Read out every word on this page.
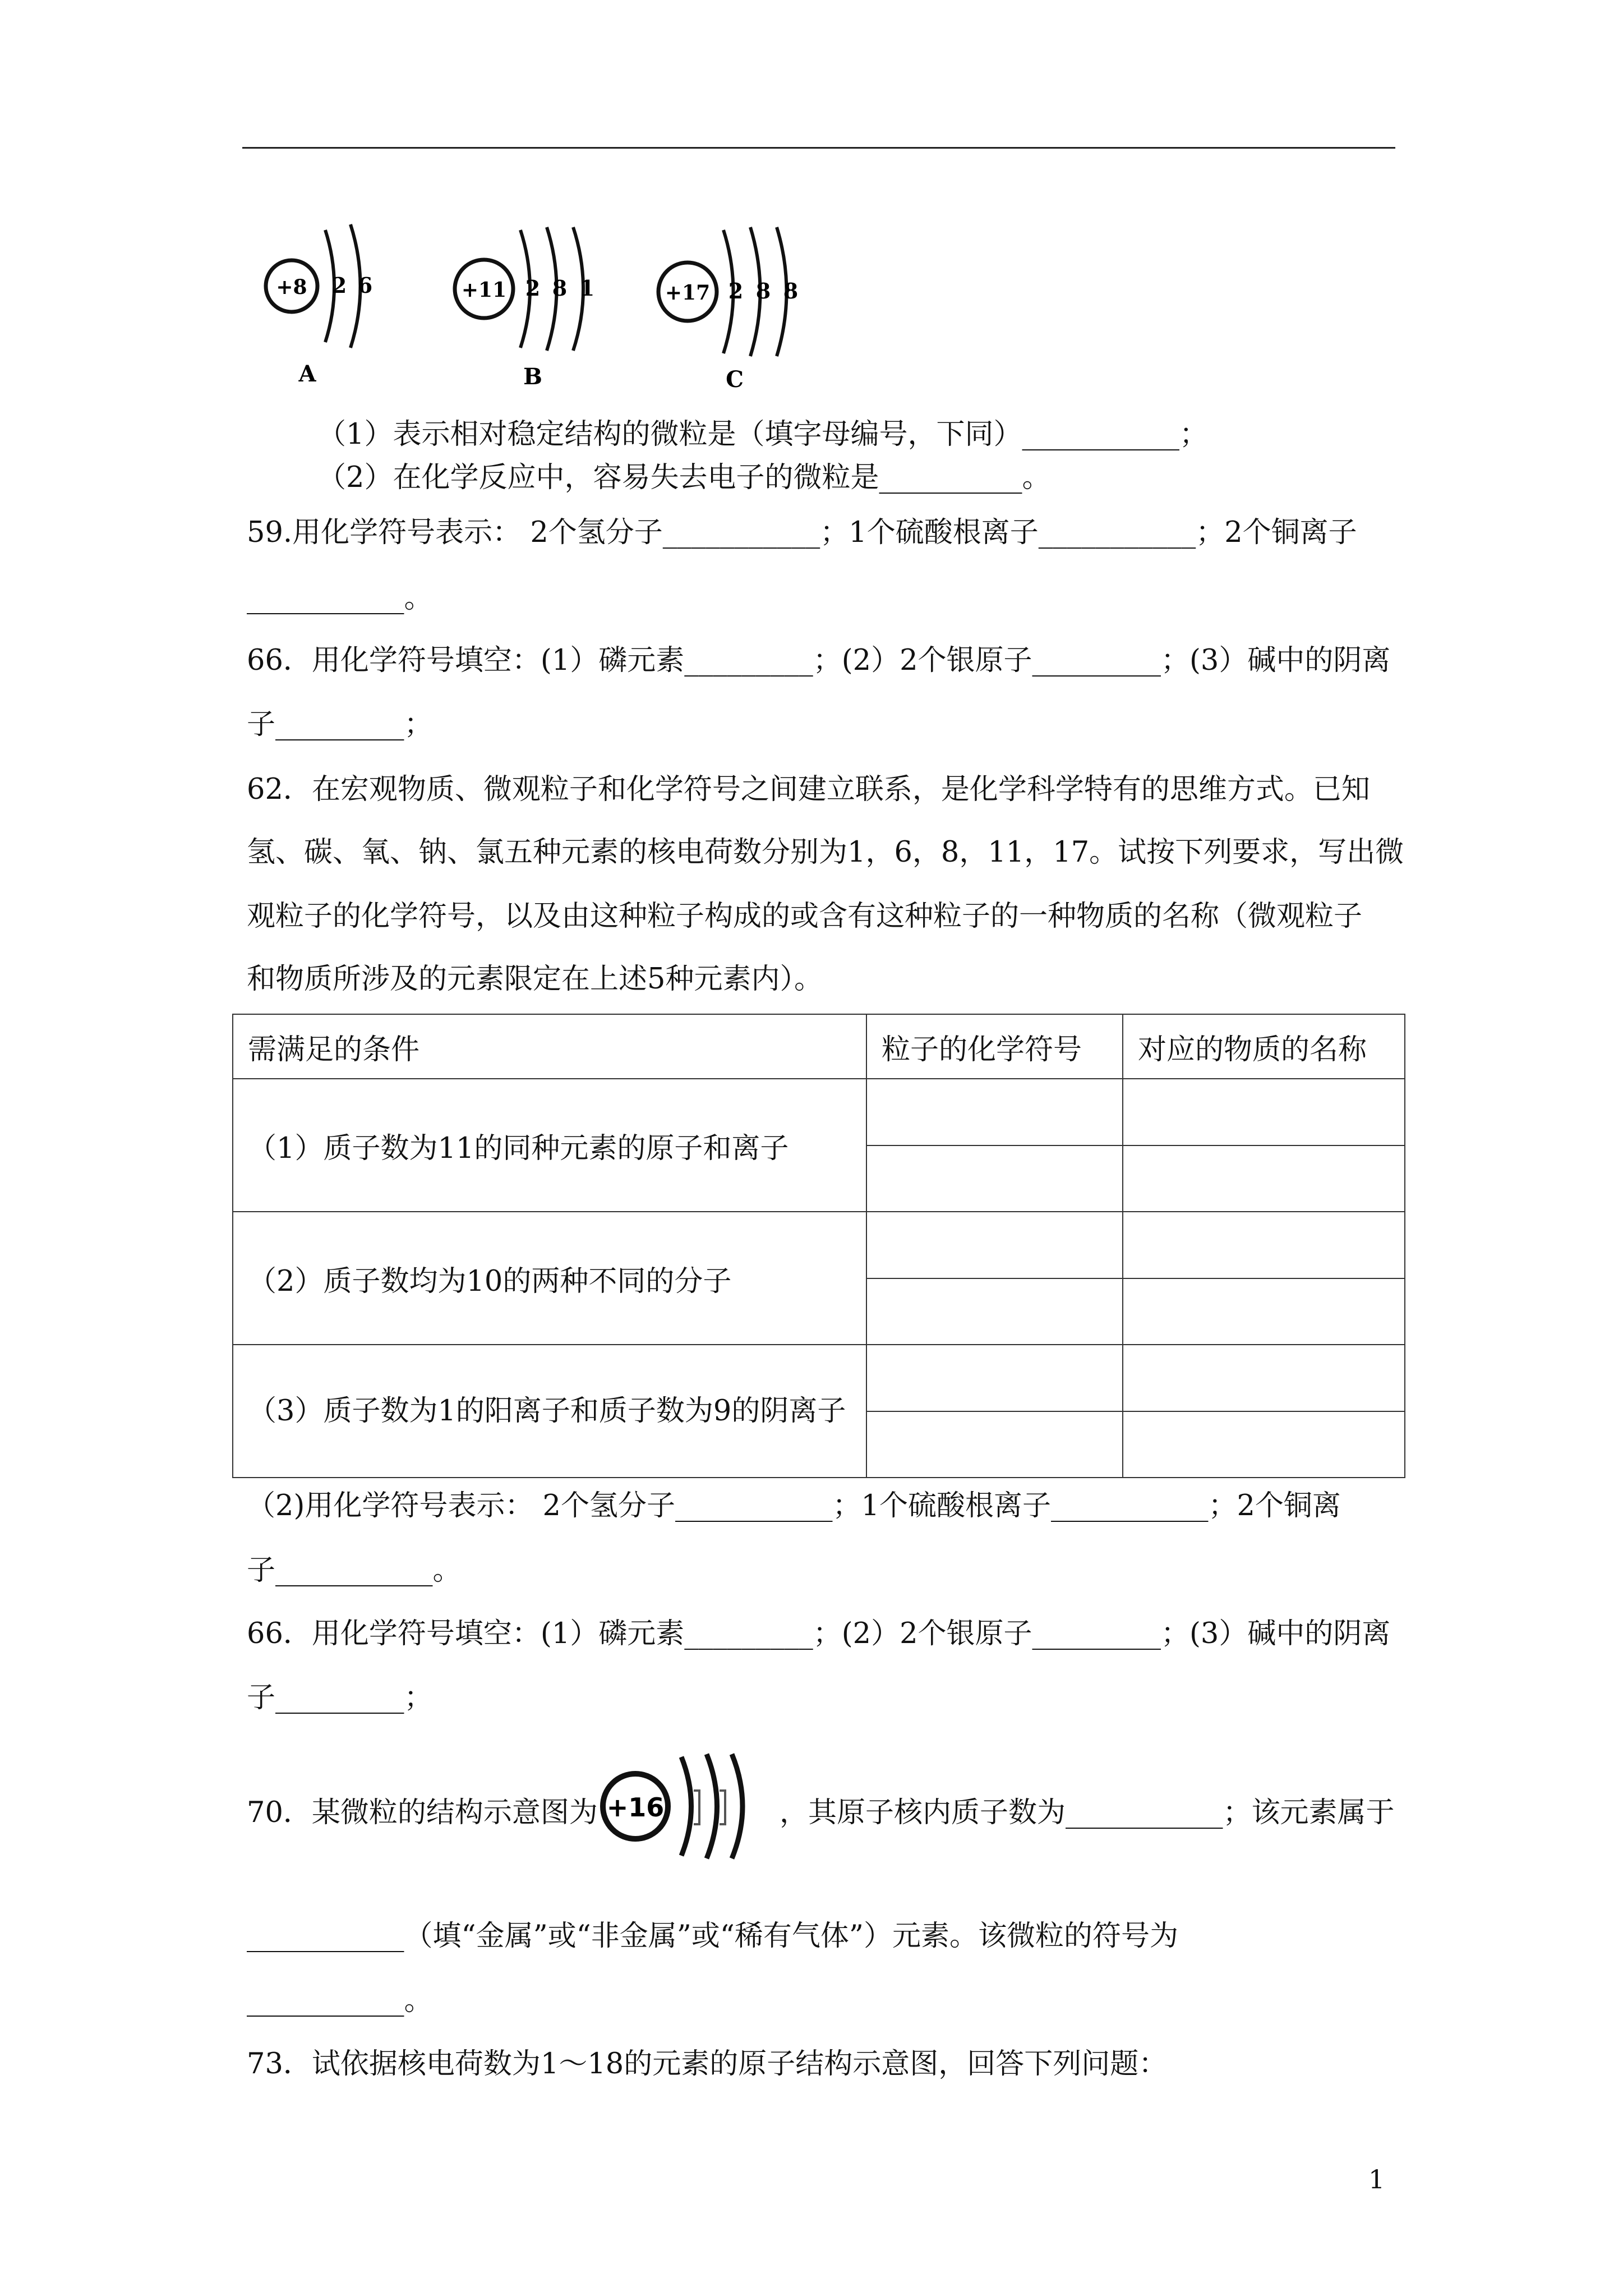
+8 2 6
A
+11 2 8 1
B
+17 2 8 8
C
（1）表示相对稳定结构的微粒是（填字母编号，下同）___________；
（2）在化学反应中，容易失去电子的微粒是__________。
59.用化学符号表示： 2个氢分子___________；1个硫酸根离子___________；2个铜离子
___________。
66．用化学符号填空：(1）磷元素_________；(2）2个银原子_________；(3）碱中的阴离
子_________；
62．在宏观物质、微观粒子和化学符号之间建立联系，是化学科学特有的思维方式。已知
氢、碳、氧、钠、氯五种元素的核电荷数分别为1，6，8，11，17。试按下列要求，写出微
观粒子的化学符号，以及由这种粒子构成的或含有这种粒子的一种物质的名称（微观粒子
和物质所涉及的元素限定在上述5种元素内）。
需满足的条件	粒子的化学符号	对应的物质的名称
（1）质子数为11的同种元素的原子和离子		

（2）质子数均为10的两种不同的分子		

（3）质子数为1的阳离子和质子数为9的阴离子		

（2)用化学符号表示： 2个氢分子___________；1个硫酸根离子___________；2个铜离
子___________。
66．用化学符号填空：(1）磷元素_________；(2）2个银原子_________；(3）碱中的阴离
子_________；
70．某微粒的结构示意图为 +16	，其原子核内质子数为___________；该元素属于
___________（填“金属”或“非金属”或“稀有气体”）元素。该微粒的符号为
___________。
73．试依据核电荷数为1～18的元素的原子结构示意图，回答下列问题：
1
